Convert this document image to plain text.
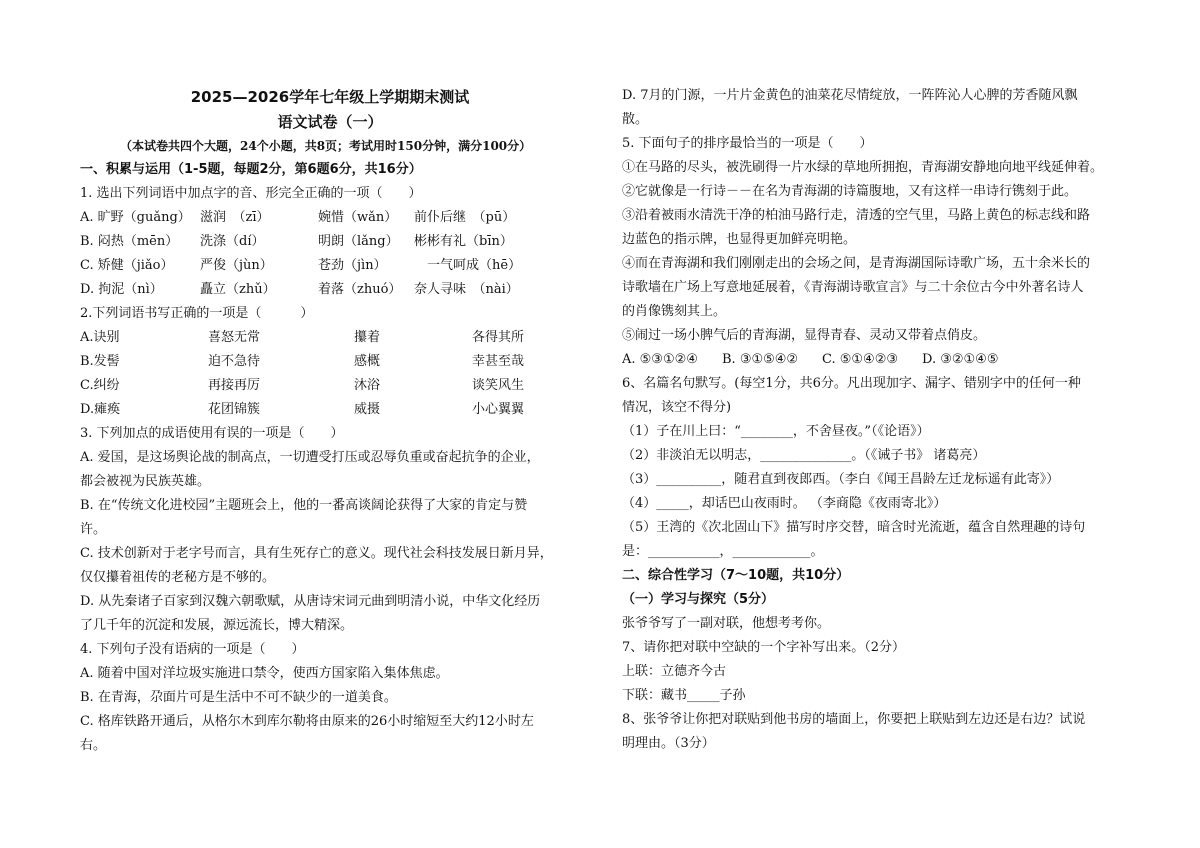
2025—2026学年七年级上学期期末测试
语文试卷（一）
（本试卷共四个大题，24个小题，共8页；考试用时150分钟，满分100分）
一、积累与运用（1-5题，每题2分，第6题6分，共16分）
1. 选出下列词语中加点字的音、形完全正确的一项（　　）
A. 旷野（guǎng） 滋润　（zī）	婉惜（wǎn）	前仆后继　（pū）
B. 闷热（mēn）	洗涤（dí）	明朗（lǎng）	彬彬有礼（bīn）
C. 矫健（jiǎo）	严俊（jùn）	苍劲（jìn）	　一气呵成（hē）
D. 拘泥（nì）	矗立（zhǔ）	着落（zhuó） 奈人寻味　（nài）
2.下列词语书写正确的一项是（　　　）
A.诀别	喜怒无常	攥着	各得其所
B.发髻	迫不急待	感概	幸甚至哉
C.纠纷	再接再厉	沐浴	谈笑风生
D.瘫痪	花团锦簇	威摄	小心翼翼
3. 下列加点的成语使用有误的一项是（　　）
A. 爱国，是这场舆论战的制高点，一切遭受打压或忍辱负重或奋起抗争的企业，
都会被视为民族英雄。
B. 在“传统文化进校园”主题班会上，他的一番高谈阔论获得了大家的肯定与赞
许。
C. 技术创新对于老字号而言，具有生死存亡的意义。现代社会科技发展日新月异，
仅仅攥着祖传的老秘方是不够的。
D. 从先秦诸子百家到汉魏六朝歌赋，从唐诗宋词元曲到明清小说，中华文化经历
了几千年的沉淀和发展，源远流长，博大精深。
4. 下列句子没有语病的一项是（　　）
A. 随着中国对洋垃圾实施进口禁令，使西方国家陷入集体焦虑。
B. 在青海，尕面片可是生活中不可不缺少的一道美食。
C. 格库铁路开通后，从格尔木到库尔勒将由原来的26小时缩短至大约12小时左
右。
D. 7月的门源，一片片金黄色的油菜花尽情绽放，一阵阵沁人心脾的芳香随风飘
散。
5. 下面句子的排序最恰当的一项是（　　）
①在马路的尽头，被洗刷得一片水绿的草地所拥抱，青海湖安静地向地平线延伸着。
②它就像是一行诗－－在名为青海湖的诗篇腹地，又有这样一串诗行镌刻于此。
③沿着被雨水清洗干净的柏油马路行走，清透的空气里，马路上黄色的标志线和路
边蓝色的指示牌，也显得更加鲜亮明艳。
④而在青海湖和我们刚刚走出的会场之间，是青海湖国际诗歌广场，五十余米长的
诗歌墙在广场上写意地延展着，《青海湖诗歌宣言》与二十余位古今中外著名诗人
的肖像镌刻其上。
⑤闹过一场小脾气后的青海湖，显得青春、灵动又带着点俏皮。
A. ⑤③①②④	B. ③①⑤④②	C. ⑤①④②③	D. ③②①④⑤
6、名篇名句默写。(每空1分，共6分。凡出现加字、漏字、错别字中的任何一种
情况，该空不得分)
（1）子在川上曰：“________，不舍昼夜。”（《论语》）
（2）非淡泊无以明志，______________。（《诫子书》 诸葛亮）
（3）__________，随君直到夜郎西。（李白《闻王昌龄左迁龙标遥有此寄》）
（4）_____，却话巴山夜雨时。 （李商隐《夜雨寄北》）
（5）王湾的《次北固山下》描写时序交替，暗含时光流逝，蕴含自然理趣的诗句
是：___________，____________。
二、综合性学习（7～10题，共10分）
（一）学习与探究（5分）
张爷爷写了一副对联，他想考考你。
7、请你把对联中空缺的一个字补写出来。（2分）
上联：立德齐今古
下联：藏书_____子孙
8、张爷爷让你把对联贴到他书房的墙面上，你要把上联贴到左边还是右边？试说
明理由。（3分）
